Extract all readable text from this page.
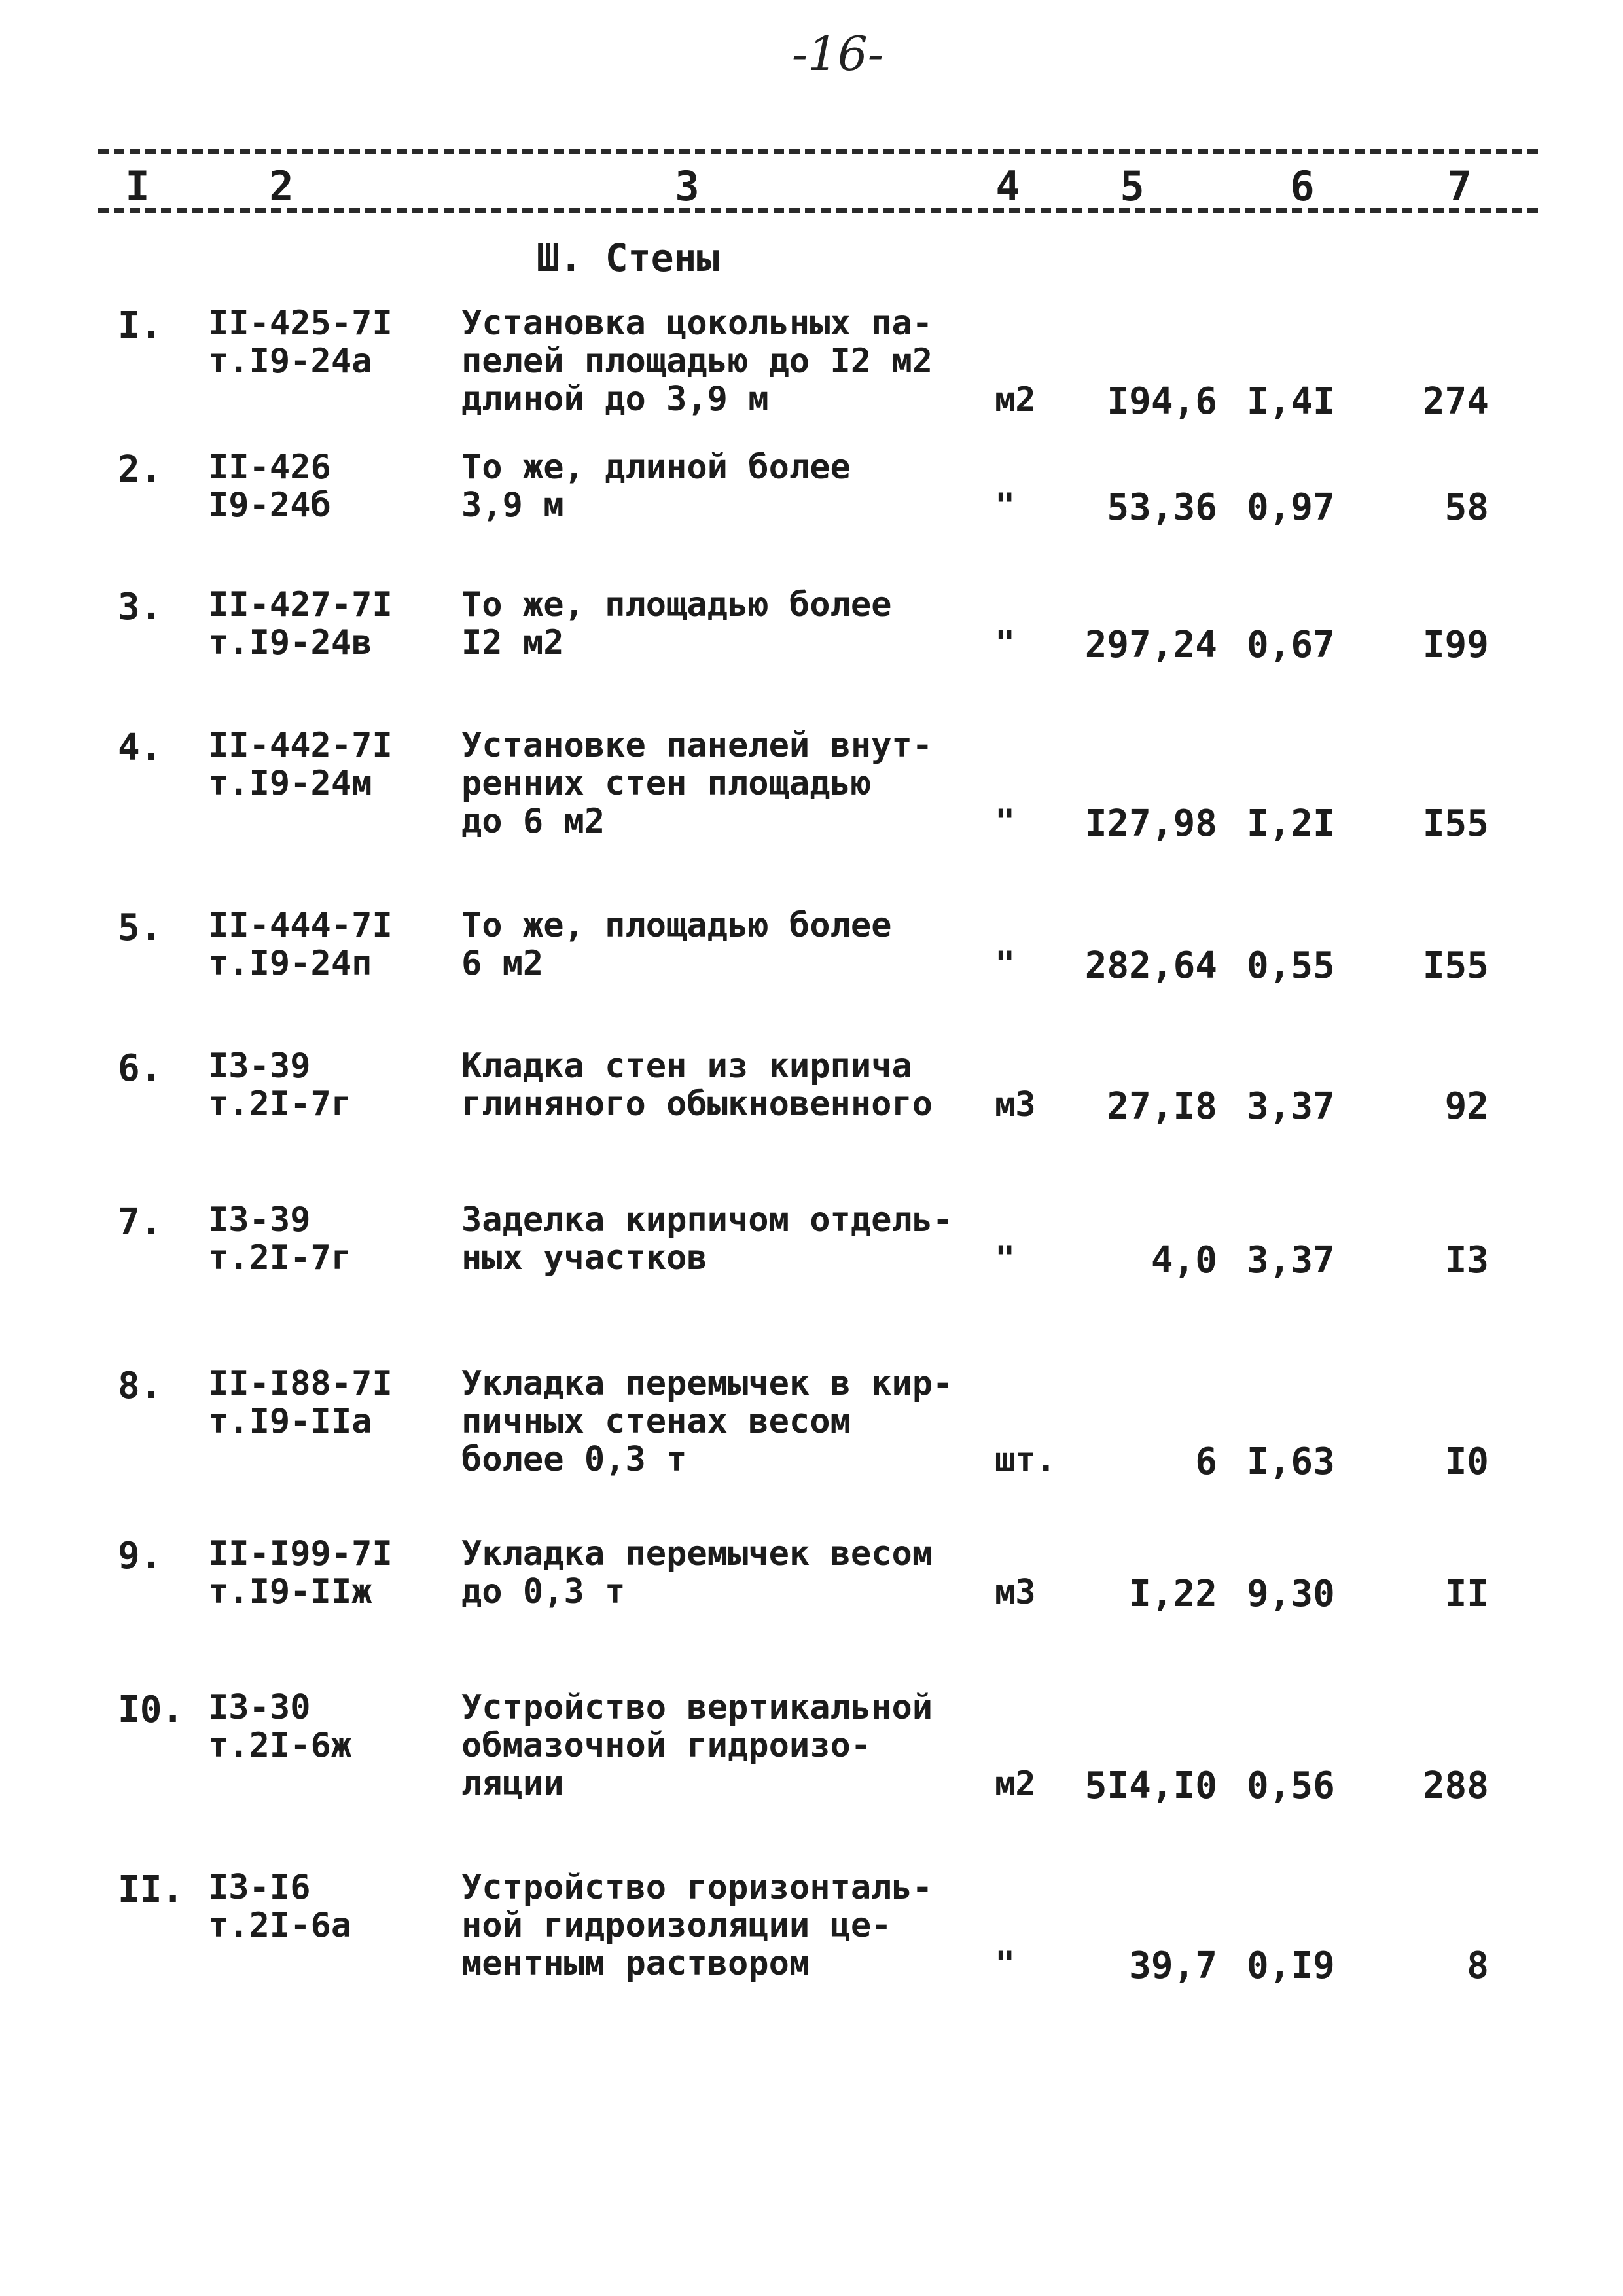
-16-
I	2	3	4 5	6	7
Ш. Стены
I. II-425-7I
т.I9-24а
Установка цокольных па-
пелей площадью до I2 м2
длиной до 3,9 м	м2	I94,6 I,4I	274
2. II-426
I9-24б
То же, длиной более
3,9 м	"	53,36 0,97	58
3. II-427-7I
т.I9-24в
То же, площадью более
I2 м2	"	297,24 0,67	I99
4. II-442-7I
т.I9-24м
Установке панелей внут-
ренних стен площадью
до 6 м2	"	I27,98 I,2I	I55
5. II-444-7I
т.I9-24п
То же, площадью более
6 м2	"	282,64 0,55	I55
6. I3-39
т.2I-7г
Кладка стен из кирпича
глиняного обыкновенного	м3	27,I8 3,37	92
7. I3-39
т.2I-7г
Заделка кирпичом отдель-
ных участков	"	4,0 3,37	I3
8. II-I88-7I
т.I9-IIа
Укладка перемычек в кир-
пичных стенах весом
более 0,3 т	шт.	6 I,63	I0
9. II-I99-7I
т.I9-IIж
Укладка перемычек весом
до 0,3 т	м3	I,22 9,30	II
I0. I3-30
т.2I-6ж
Устройство вертикальной
обмазочной гидроизо-
ляции	м2	5I4,I0 0,56	288
II. I3-I6
т.2I-6а
Устройство горизонталь-
ной гидроизоляции це-
ментным раствором	"	39,7 0,I9	8
